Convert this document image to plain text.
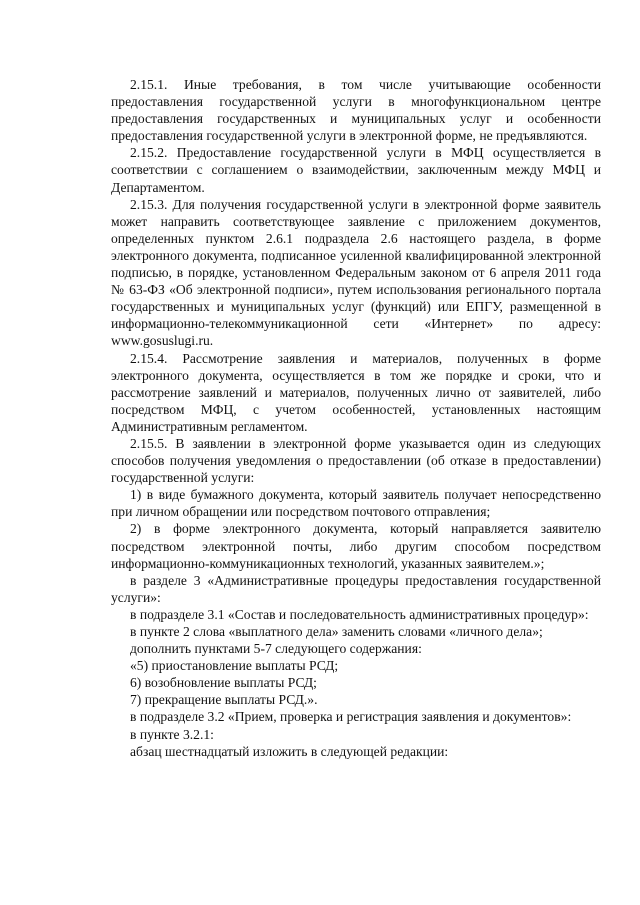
2.15.1. Иные требования, в том числе учитывающие особенности предоставления государственной услуги в многофункциональном центре предоставления государственных и муниципальных услуг и особенности предоставления государственной услуги в электронной форме, не предъявляются.

2.15.2. Предоставление государственной услуги в МФЦ осуществляется в соответствии с соглашением о взаимодействии, заключенным между МФЦ и Департаментом.

2.15.3. Для получения государственной услуги в электронной форме заявитель может направить соответствующее заявление с приложением документов, определенных пунктом 2.6.1 подраздела 2.6 настоящего раздела, в форме электронного документа, подписанное усиленной квалифицированной электронной подписью, в порядке, установленном Федеральным законом от 6 апреля 2011 года № 63-ФЗ «Об электронной подписи», путем использования регионального портала государственных и муниципальных услуг (функций) или ЕПГУ, размещенной в информационно-телекоммуникационной сети «Интернет» по адресу: www.gosuslugi.ru.

2.15.4. Рассмотрение заявления и материалов, полученных в форме электронного документа, осуществляется в том же порядке и сроки, что и рассмотрение заявлений и материалов, полученных лично от заявителей, либо посредством МФЦ, с учетом особенностей, установленных настоящим Административным регламентом.

2.15.5. В заявлении в электронной форме указывается один из следующих способов получения уведомления о предоставлении (об отказе в предоставлении) государственной услуги:

1) в виде бумажного документа, который заявитель получает непосредственно при личном обращении или посредством почтового отправления;

2) в форме электронного документа, который направляется заявителю посредством электронной почты, либо другим способом посредством информационно-коммуникационных технологий, указанных заявителем.»;

в разделе 3 «Административные процедуры предоставления государственной услуги»:

в подразделе 3.1 «Состав и последовательность административных процедур»:

в пункте 2 слова «выплатного дела» заменить словами «личного дела»;

дополнить пунктами 5-7 следующего содержания:

«5) приостановление выплаты РСД;

6) возобновление выплаты РСД;

7) прекращение выплаты РСД.».

в подразделе 3.2 «Прием, проверка и регистрация заявления и документов»:

в пункте 3.2.1:

абзац шестнадцатый изложить в следующей редакции:
